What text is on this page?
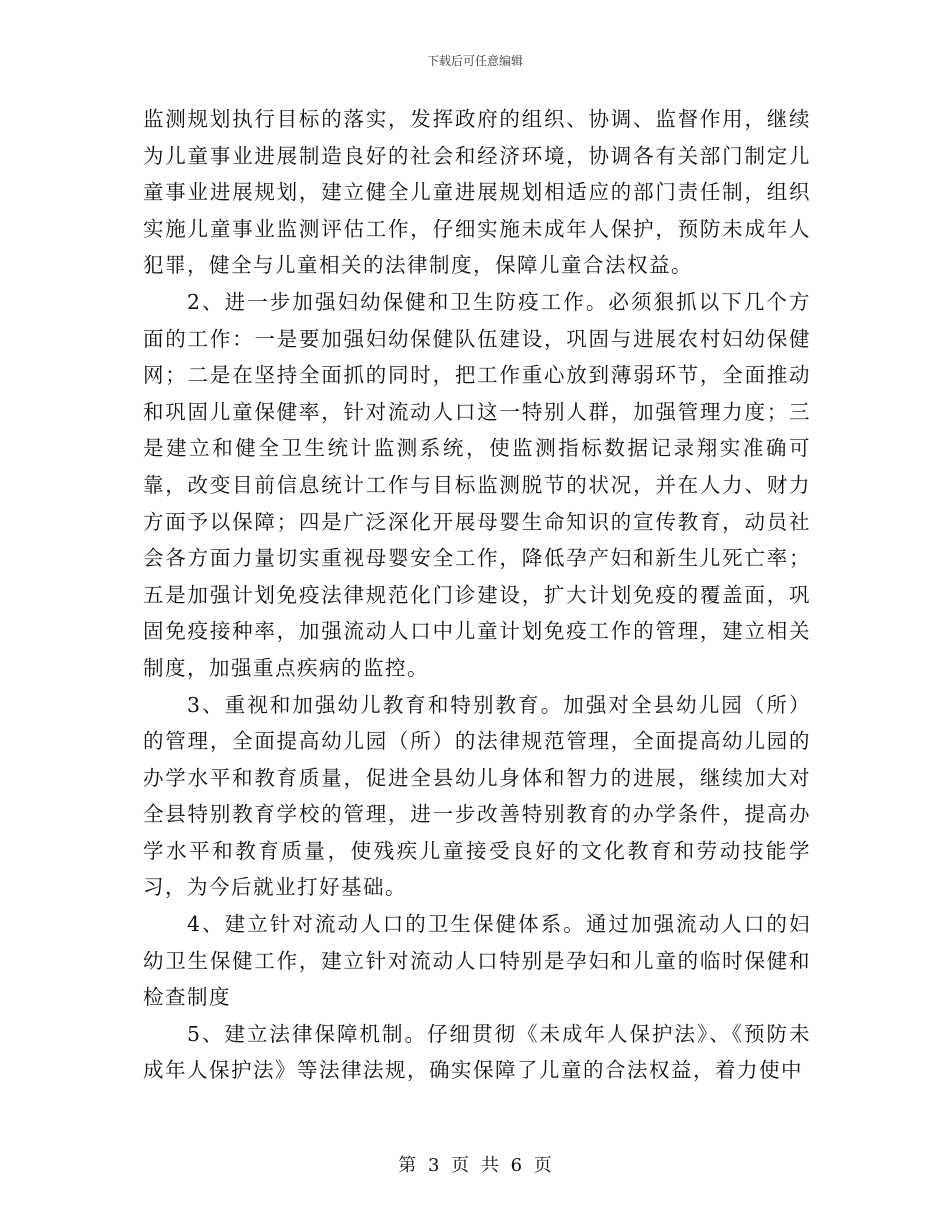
下载后可任意编辑

监测规划执行目标的落实，发挥政府的组织、协调、监督作用，继续为儿童事业进展制造良好的社会和经济环境，协调各有关部门制定儿童事业进展规划，建立健全儿童进展规划相适应的部门责任制，组织实施儿童事业监测评估工作，仔细实施未成年人保护，预防未成年人犯罪，健全与儿童相关的法律制度，保障儿童合法权益。

2、进一步加强妇幼保健和卫生防疫工作。必须狠抓以下几个方面的工作：一是要加强妇幼保健队伍建设，巩固与进展农村妇幼保健网；二是在坚持全面抓的同时，把工作重心放到薄弱环节，全面推动和巩固儿童保健率，针对流动人口这一特别人群，加强管理力度；三是建立和健全卫生统计监测系统，使监测指标数据记录翔实准确可靠，改变目前信息统计工作与目标监测脱节的状况，并在人力、财力方面予以保障；四是广泛深化开展母婴生命知识的宣传教育，动员社会各方面力量切实重视母婴安全工作，降低孕产妇和新生儿死亡率；五是加强计划免疫法律规范化门诊建设，扩大计划免疫的覆盖面，巩固免疫接种率，加强流动人口中儿童计划免疫工作的管理，建立相关制度，加强重点疾病的监控。

3、重视和加强幼儿教育和特别教育。加强对全县幼儿园（所）的管理，全面提高幼儿园（所）的法律规范管理，全面提高幼儿园的办学水平和教育质量，促进全县幼儿身体和智力的进展，继续加大对全县特别教育学校的管理，进一步改善特别教育的办学条件，提高办学水平和教育质量，使残疾儿童接受良好的文化教育和劳动技能学习，为今后就业打好基础。

4、建立针对流动人口的卫生保健体系。通过加强流动人口的妇幼卫生保健工作，建立针对流动人口特别是孕妇和儿童的临时保健和检查制度

5、建立法律保障机制。仔细贯彻《未成年人保护法》、《预防未成年人保护法》等法律法规，确实保障了儿童的合法权益，着力使中

第 3 页 共 6 页
